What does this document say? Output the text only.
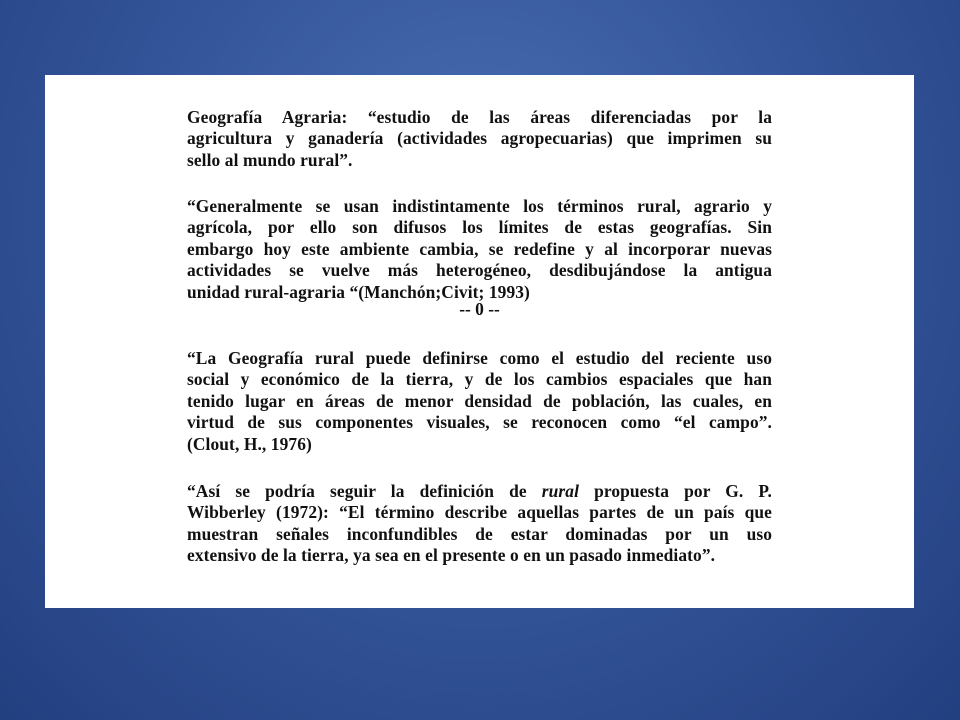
Geografía Agraria: “estudio de las áreas diferenciadas por la
agricultura y ganadería (actividades agropecuarias) que imprimen su
sello al mundo rural”.
“Generalmente se usan indistintamente los términos rural, agrario y
agrícola, por ello son difusos los límites de estas geografías. Sin
embargo hoy este ambiente cambia, se redefine y al incorporar nuevas
actividades se vuelve más heterogéneo, desdibujándose la antigua
unidad rural-agraria “(Manchón;Civit; 1993)
-- 0 --
“La Geografía rural puede definirse como el estudio del reciente uso
social y económico de la tierra, y de los cambios espaciales que han
tenido lugar en áreas de menor densidad de población, las cuales, en
virtud de sus componentes visuales, se reconocen como “el campo”.
(Clout, H., 1976)
“Así se podría seguir la definición de rural propuesta por G. P.
Wibberley (1972): “El término describe aquellas partes de un país que
muestran señales inconfundibles de estar dominadas por un uso
extensivo de la tierra, ya sea en el presente o en un pasado inmediato”.
